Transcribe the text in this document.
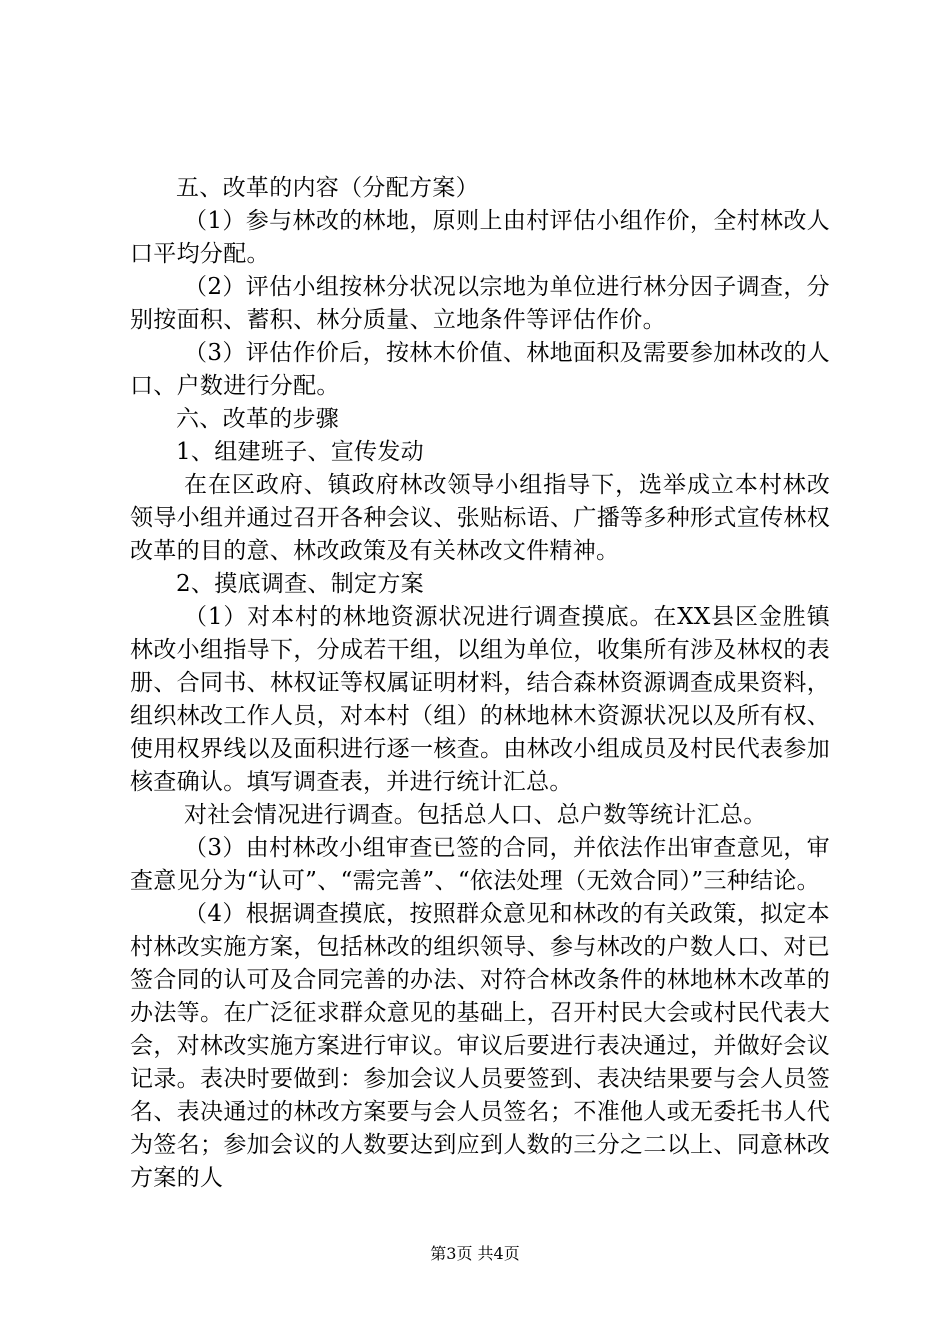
五、改革的内容（分配方案）

（1）参与林改的林地，原则上由村评估小组作价，全村林改人口平均分配。

（2）评估小组按林分状况以宗地为单位进行林分因子调查，分别按面积、蓄积、林分质量、立地条件等评估作价。

（3）评估作价后，按林木价值、林地面积及需要参加林改的人口、户数进行分配。

六、改革的步骤

1、组建班子、宣传发动

在在区政府、镇政府林改领导小组指导下，选举成立本村林改领导小组并通过召开各种会议、张贴标语、广播等多种形式宣传林权改革的目的意、林改政策及有关林改文件精神。

2、摸底调查、制定方案

（1）对本村的林地资源状况进行调查摸底。在XX县区金胜镇林改小组指导下，分成若干组，以组为单位，收集所有涉及林权的表册、合同书、林权证等权属证明材料，结合森林资源调查成果资料，组织林改工作人员，对本村（组）的林地林木资源状况以及所有权、使用权界线以及面积进行逐一核查。由林改小组成员及村民代表参加核查确认。填写调查表，并进行统计汇总。

对社会情况进行调查。包括总人口、总户数等统计汇总。

（3）由村林改小组审查已签的合同，并依法作出审查意见，审查意见分为“认可”、“需完善”、“依法处理（无效合同）”三种结论。

（4）根据调查摸底，按照群众意见和林改的有关政策，拟定本村林改实施方案，包括林改的组织领导、参与林改的户数人口、对已签合同的认可及合同完善的办法、对符合林改条件的林地林木改革的办法等。在广泛征求群众意见的基础上，召开村民大会或村民代表大会，对林改实施方案进行审议。审议后要进行表决通过，并做好会议记录。表决时要做到：参加会议人员要签到、表决结果要与会人员签名、表决通过的林改方案要与会人员签名；不准他人或无委托书人代为签名；参加会议的人数要达到应到人数的三分之二以上、同意林改方案的人

第3页 共4页
